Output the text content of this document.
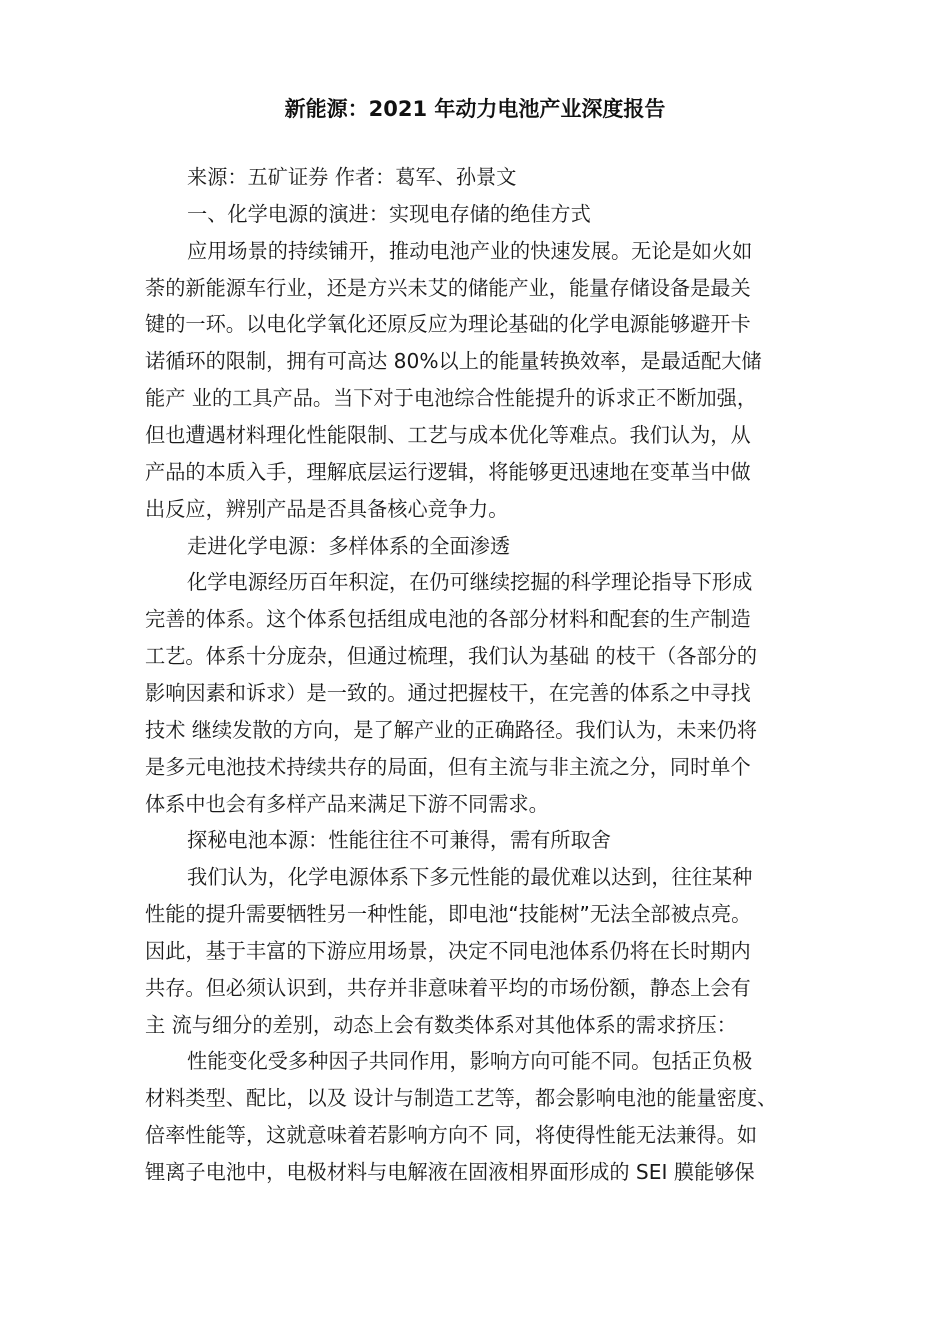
新能源：2021 年动力电池产业深度报告
来源：五矿证券 作者：葛军、孙景文
一、化学电源的演进：实现电存储的绝佳方式
应用场景的持续铺开，推动电池产业的快速发展。无论是如火如
荼的新能源车行业，还是方兴未艾的储能产业，能量存储设备是最关
键的一环。以电化学氧化还原反应为理论基础的化学电源能够避开卡
诺循环的限制，拥有可高达 80%以上的能量转换效率，是最适配大储
能产 业的工具产品。当下对于电池综合性能提升的诉求正不断加强，
但也遭遇材料理化性能限制、工艺与成本优化等难点。我们认为，从
产品的本质入手，理解底层运行逻辑，将能够更迅速地在变革当中做
出反应，辨别产品是否具备核心竞争力。
走进化学电源：多样体系的全面渗透
化学电源经历百年积淀，在仍可继续挖掘的科学理论指导下形成
完善的体系。这个体系包括组成电池的各部分材料和配套的生产制造
工艺。体系十分庞杂，但通过梳理，我们认为基础 的枝干（各部分的
影响因素和诉求）是一致的。通过把握枝干，在完善的体系之中寻找
技术 继续发散的方向，是了解产业的正确路径。我们认为，未来仍将
是多元电池技术持续共存的局面，但有主流与非主流之分，同时单个
体系中也会有多样产品来满足下游不同需求。
探秘电池本源：性能往往不可兼得，需有所取舍
我们认为，化学电源体系下多元性能的最优难以达到，往往某种
性能的提升需要牺牲另一种性能，即电池“技能树”无法全部被点亮。
因此，基于丰富的下游应用场景，决定不同电池体系仍将在长时期内
共存。但必须认识到，共存并非意味着平均的市场份额，静态上会有
主 流与细分的差别，动态上会有数类体系对其他体系的需求挤压：
性能变化受多种因子共同作用，影响方向可能不同。包括正负极
材料类型、配比，以及 设计与制造工艺等，都会影响电池的能量密度、
倍率性能等，这就意味着若影响方向不 同，将使得性能无法兼得。如
锂离子电池中，电极材料与电解液在固液相界面形成的 SEI 膜能够保
